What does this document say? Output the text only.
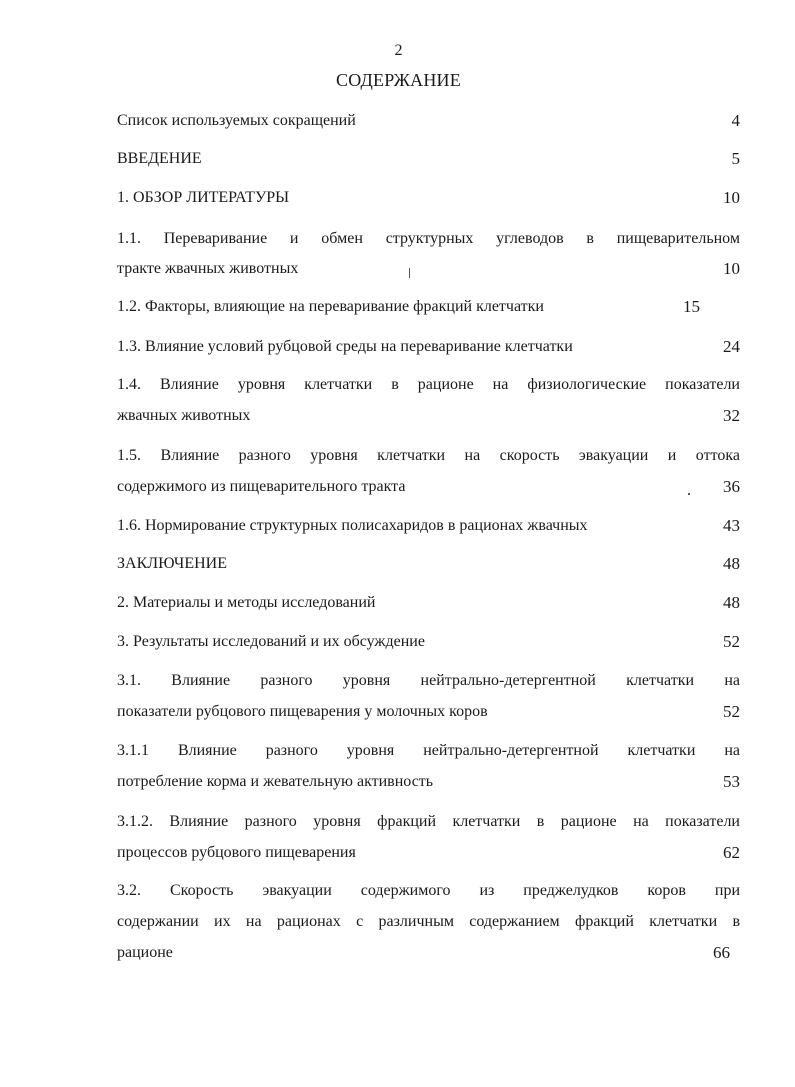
2
СОДЕРЖАНИЕ
Список используемых сокращений	4
ВВЕДЕНИЕ	5
1. ОБЗОР ЛИТЕРАТУРЫ	10
1.1. Переваривание и обмен структурных углеводов в пищеварительном
тракте жвачных животных	10
1.2. Факторы, влияющие на переваривание фракций клетчатки	15
1.3. Влияние условий рубцовой среды на переваривание клетчатки	24
1.4. Влияние уровня клетчатки в рационе на физиологические показатели
жвачных животных	32
1.5. Влияние разного уровня клетчатки на скорость эвакуации и оттока
содержимого из пищеварительного тракта	36
1.6. Нормирование структурных полисахаридов в рационах жвачных	43
ЗАКЛЮЧЕНИЕ	48
2. Материалы и методы исследований	48
3. Результаты исследований и их обсуждение	52
3.1. Влияние разного уровня нейтрально-детергентной клетчатки на
показатели рубцового пищеварения у молочных коров	52
3.1.1 Влияние разного уровня нейтрально-детергентной клетчатки на
потребление корма и жевательную активность	53
3.1.2. Влияние разного уровня фракций клетчатки в рационе на показатели
процессов рубцового пищеварения	62
3.2. Скорость эвакуации содержимого из преджелудков коров при
содержании их на рационах с различным содержанием фракций клетчатки в
рационе	66
